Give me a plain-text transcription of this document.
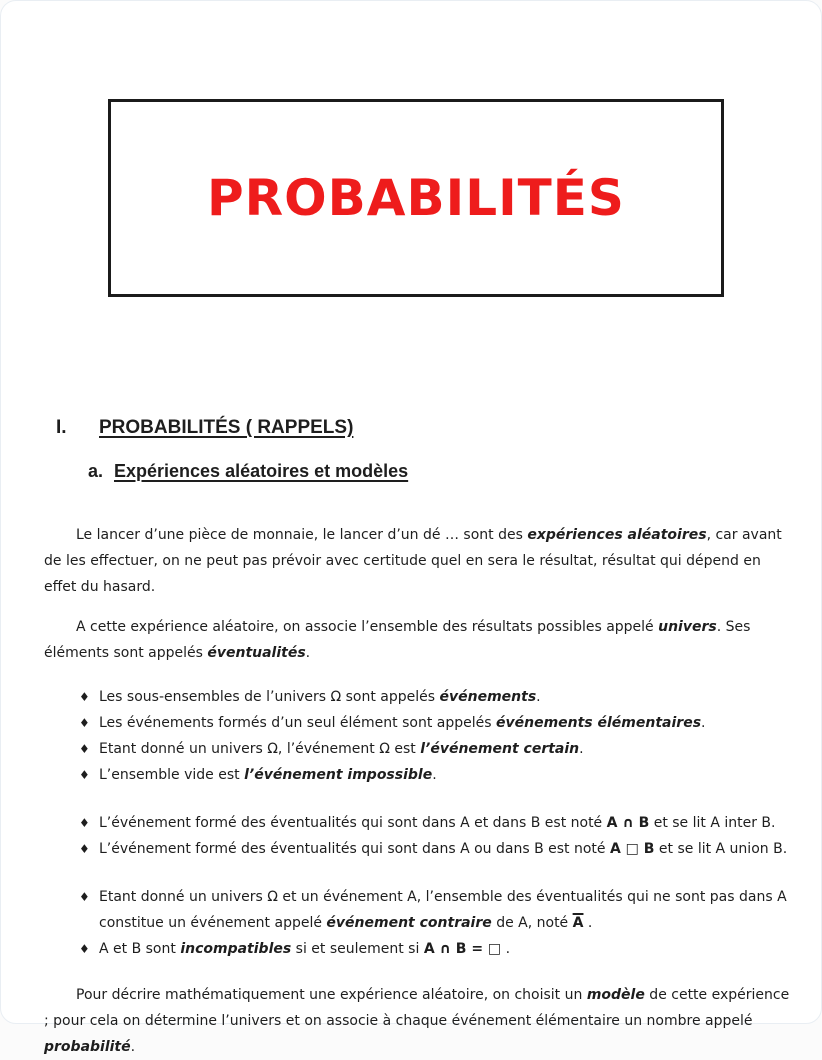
PROBABILITÉS
I.	PROBABILITÉS ( RAPPELS)
a. Expériences aléatoires et modèles

Le lancer d’une pièce de monnaie, le lancer d’un dé … sont des expériences aléatoires, car avant de les effectuer, on ne peut pas prévoir avec certitude quel en sera le résultat, résultat qui dépend en effet du hasard.

A cette expérience aléatoire, on associe l’ensemble des résultats possibles appelé univers. Ses éléments sont appelés éventualités.

♦ Les sous-ensembles de l’univers Ω sont appelés événements.
♦ Les événements formés d’un seul élément sont appelés événements élémentaires.
♦ Etant donné un univers Ω, l’événement Ω est l’événement certain.
♦ L’ensemble vide est l’événement impossible.
♦ L’événement formé des éventualités qui sont dans A et dans B est noté A ∩ B et se lit A inter B.
♦ L’événement formé des éventualités qui sont dans A ou dans B est noté A □ B et se lit A union B.
♦ Etant donné un univers Ω et un événement A, l’ensemble des éventualités qui ne sont pas dans A constitue un événement appelé événement contraire de A, noté $\overline{A}$ .
♦ A et B sont incompatibles si et seulement si A ∩ B = □ .

Pour décrire mathématiquement une expérience aléatoire, on choisit un modèle de cette expérience ; pour cela on détermine l’univers et on associe à chaque événement élémentaire un nombre appelé probabilité.
